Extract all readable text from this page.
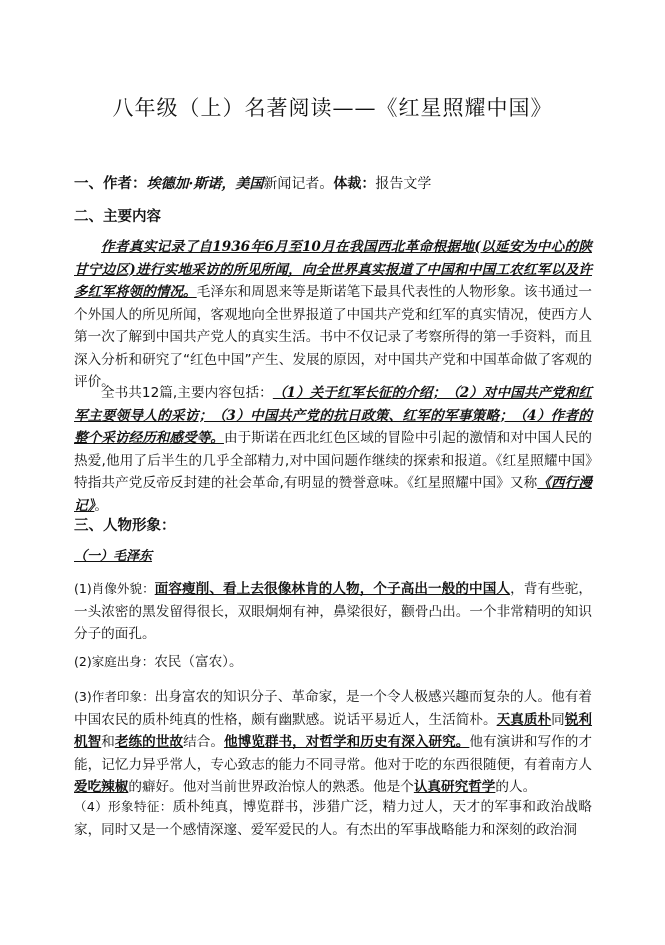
八年级（上）名著阅读——《红星照耀中国》
一、作者：埃德加·斯诺，美国新闻记者。体裁：报告文学
二、主要内容
作者真实记录了自1936年6月至10月在我国西北革命根据地(以延安为中心的陕甘宁边区)进行实地采访的所见所闻，向全世界真实报道了中国和中国工农红军以及许多红军将领的情况。毛泽东和周恩来等是斯诺笔下最具代表性的人物形象。该书通过一个外国人的所见所闻，客观地向全世界报道了中国共产党和红军的真实情况，使西方人第一次了解到中国共产党人的真实生活。书中不仅记录了考察所得的第一手资料，而且深入分析和研究了“红色中国”产生、发展的原因，对中国共产党和中国革命做了客观的评价。
全书共12篇,主要内容包括：（1）关于红军长征的介绍；（2）对中国共产党和红军主要领导人的采访；（3）中国共产党的抗日政策、红军的军事策略；（4）作者的整个采访经历和感受等。由于斯诺在西北红色区域的冒险中引起的激情和对中国人民的热爱,他用了后半生的几乎全部精力,对中国问题作继续的探索和报道。《红星照耀中国》特指共产党反帝反封建的社会革命,有明显的赞誉意味。《红星照耀中国》又称《西行漫记》。
三、人物形象：
（一）毛泽东
(1)肖像外貌：面容瘦削、看上去很像林肯的人物，个子高出一般的中国人，背有些驼，一头浓密的黑发留得很长，双眼炯炯有神，鼻梁很好，颧骨凸出。一个非常精明的知识分子的面孔。
(2)家庭出身：农民（富农）。
(3)作者印象：出身富农的知识分子、革命家，是一个令人极感兴趣而复杂的人。他有着中国农民的质朴纯真的性格，颇有幽默感。说话平易近人，生活简朴。天真质朴同锐利机智和老练的世故结合。他博览群书，对哲学和历史有深入研究。他有演讲和写作的才能，记忆力异乎常人，专心致志的能力不同寻常。他对于吃的东西很随便，有着南方人爱吃辣椒的癖好。他对当前世界政治惊人的熟悉。他是个认真研究哲学的人。
（4）形象特征：质朴纯真，博览群书，涉猎广泛，精力过人，天才的军事和政治战略家，同时又是一个感情深邃、爱军爱民的人。有杰出的军事战略能力和深刻的政治洞
